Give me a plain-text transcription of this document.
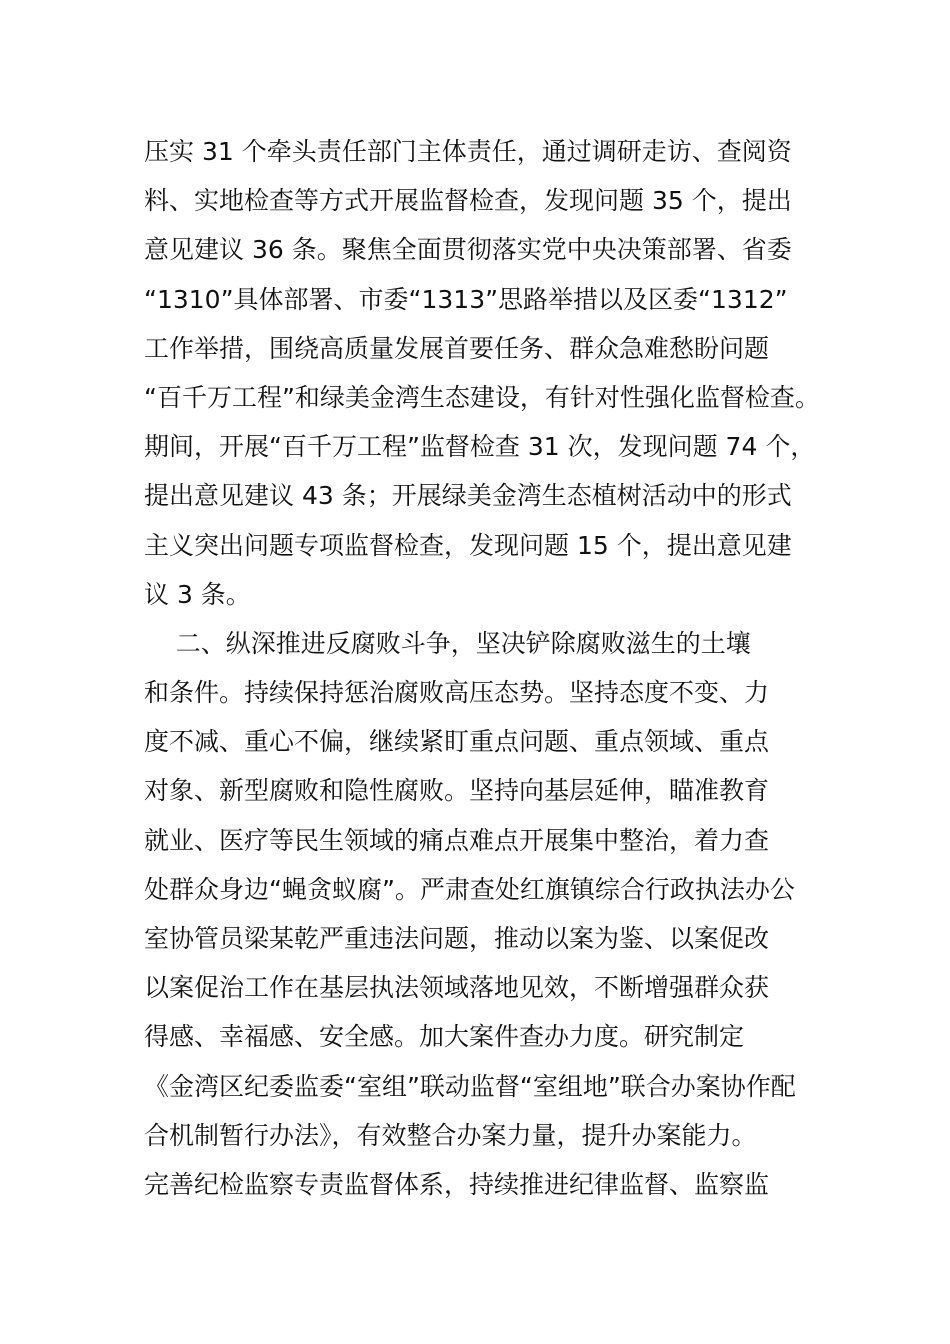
压实 31 个牵头责任部门主体责任，通过调研走访、查阅资
料、实地检查等方式开展监督检查，发现问题 35 个，提出
意见建议 36 条。聚焦全面贯彻落实党中央决策部署、省委
“1310”具体部署、市委“1313”思路举措以及区委“1312”
工作举措，围绕高质量发展首要任务、群众急难愁盼问题
“百千万工程”和绿美金湾生态建设，有针对性强化监督检查。
期间，开展“百千万工程”监督检查 31 次，发现问题 74 个，
提出意见建议 43 条；开展绿美金湾生态植树活动中的形式
主义突出问题专项监督检查，发现问题 15 个，提出意见建
议 3 条。
二、纵深推进反腐败斗争，坚决铲除腐败滋生的土壤
和条件。持续保持惩治腐败高压态势。坚持态度不变、力
度不减、重心不偏，继续紧盯重点问题、重点领域、重点
对象、新型腐败和隐性腐败。坚持向基层延伸，瞄准教育
就业、医疗等民生领域的痛点难点开展集中整治，着力查
处群众身边“蝇贪蚁腐”。严肃查处红旗镇综合行政执法办公
室协管员梁某乾严重违法问题，推动以案为鉴、以案促改
以案促治工作在基层执法领域落地见效，不断增强群众获
得感、幸福感、安全感。加大案件查办力度。研究制定
《金湾区纪委监委“室组”联动监督“室组地”联合办案协作配
合机制暂行办法》，有效整合办案力量，提升办案能力。
完善纪检监察专责监督体系，持续推进纪律监督、监察监
